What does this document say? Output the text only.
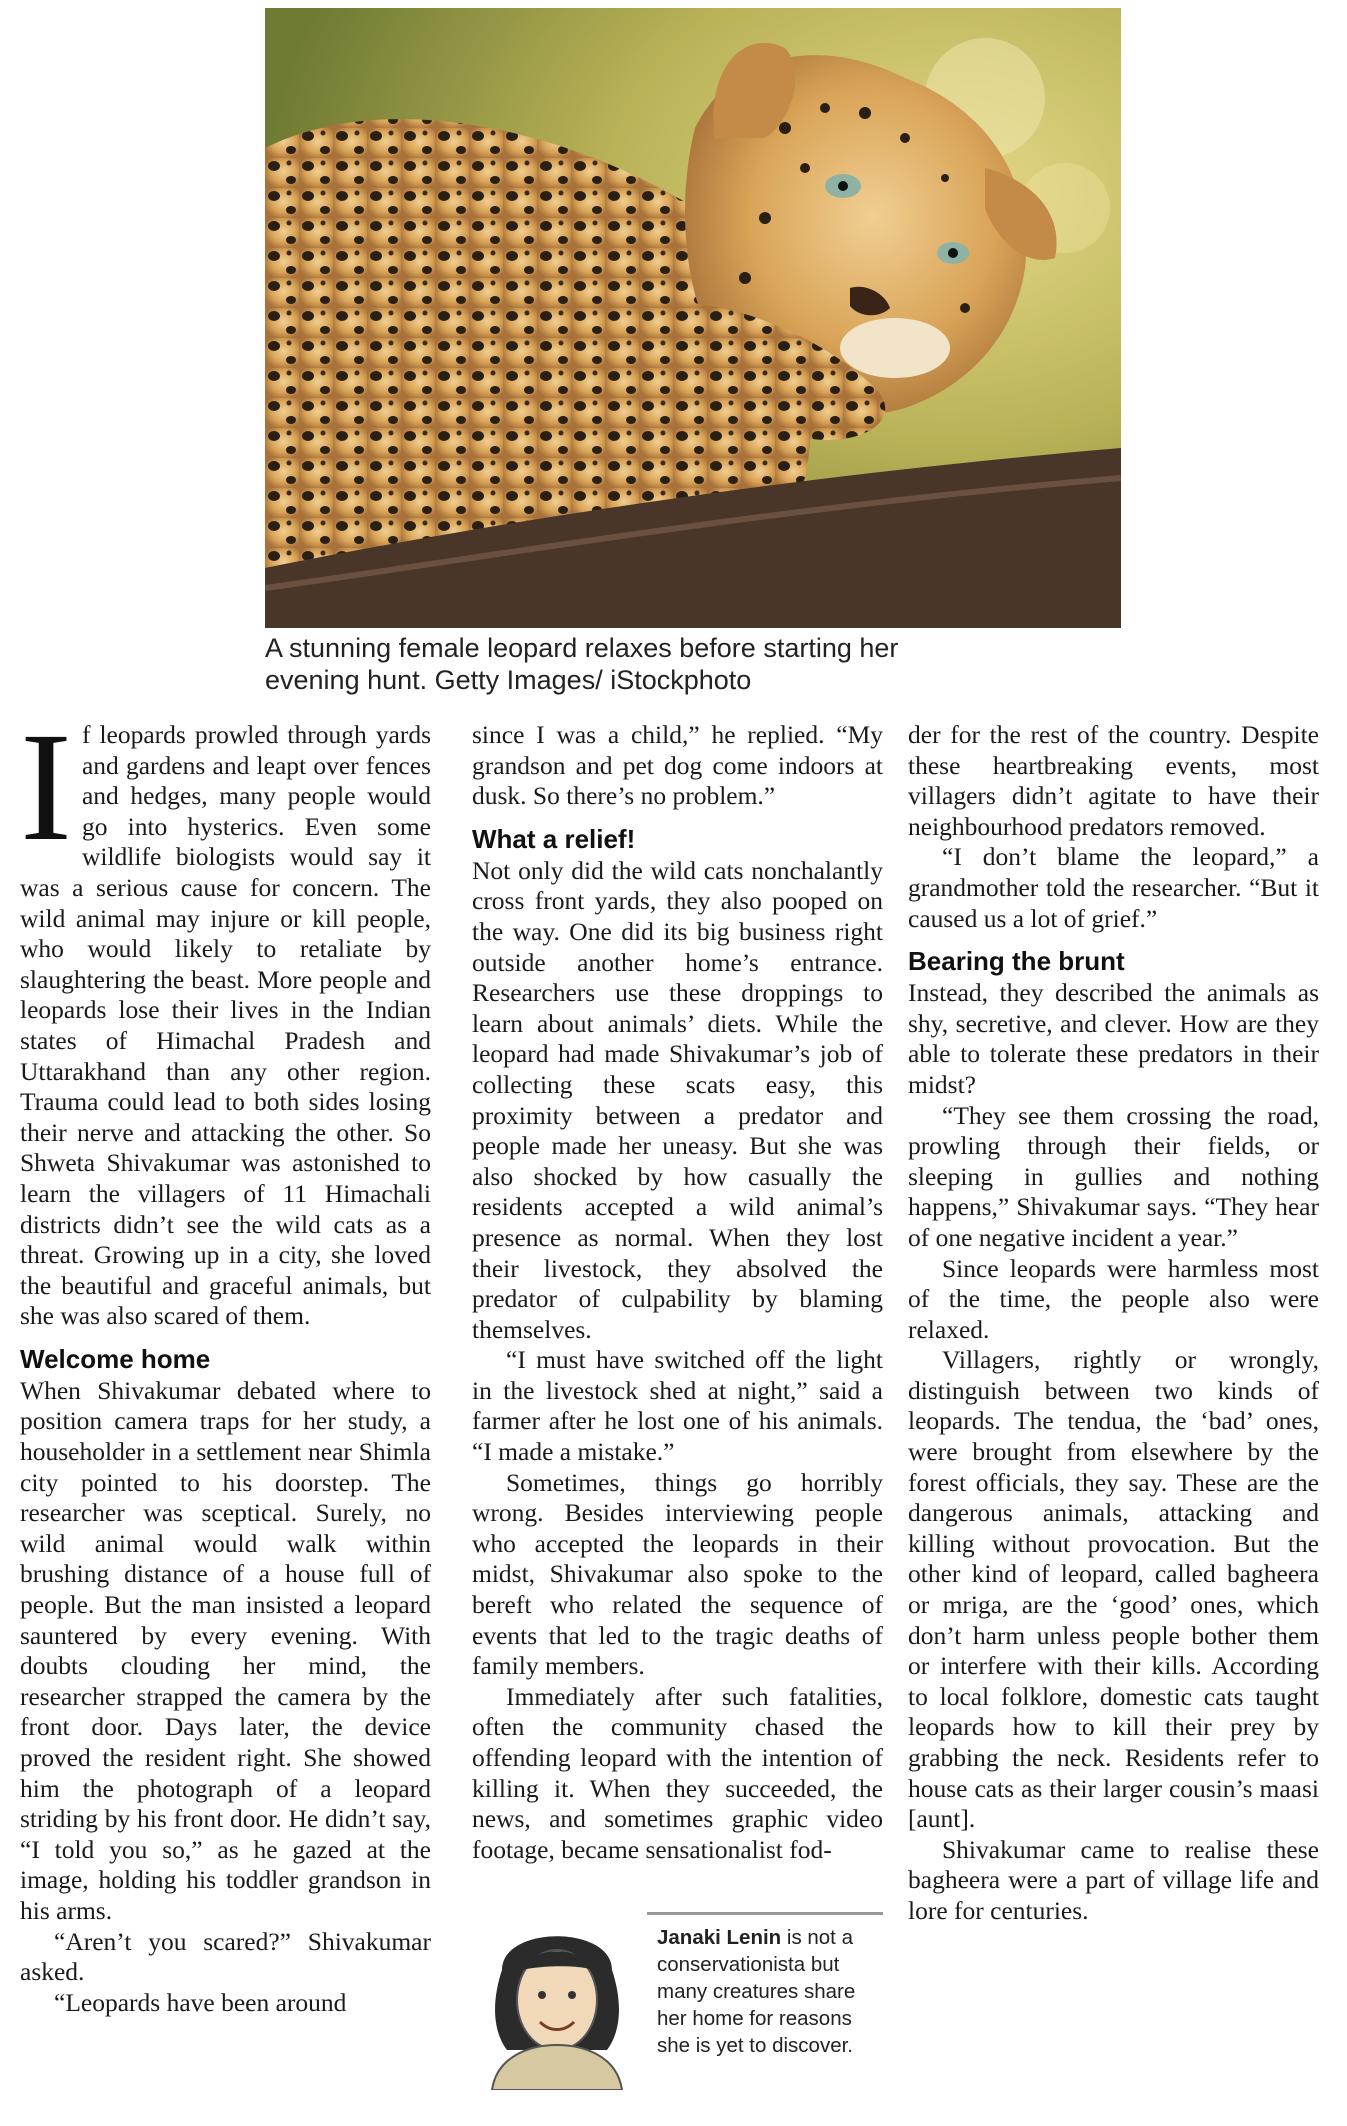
A stunning female leopard relaxes before starting her evening hunt. Getty Images/ iStockphoto

If leopards prowled through yards and gardens and leapt over fences and hedges, many people would go into hysterics. Even some wildlife biologists would say it was a serious cause for concern. The wild animal may injure or kill people, who would likely to retaliate by slaughtering the beast. More people and leopards lose their lives in the Indian states of Himachal Pradesh and Uttarakhand than any other region. Trauma could lead to both sides losing their nerve and attacking the other. So Shweta Shivakumar was astonished to learn the villagers of 11 Himachali districts didn’t see the wild cats as a threat. Growing up in a city, she loved the beautiful and graceful animals, but she was also scared of them.

Welcome home

When Shivakumar debated where to position camera traps for her study, a householder in a settlement near Shimla city pointed to his doorstep. The researcher was sceptical. Surely, no wild animal would walk within brushing distance of a house full of people. But the man insisted a leopard sauntered by every evening. With doubts clouding her mind, the researcher strapped the camera by the front door. Days later, the device proved the resident right. She showed him the photograph of a leopard striding by his front door. He didn’t say, “I told you so,” as he gazed at the image, holding his toddler grandson in his arms.

“Aren’t you scared?” Shivakumar asked.

“Leopards have been around

since I was a child,” he replied. “My grandson and pet dog come indoors at dusk. So there’s no problem.”

What a relief!

Not only did the wild cats nonchalantly cross front yards, they also pooped on the way. One did its big business right outside another home’s entrance. Researchers use these droppings to learn about animals’ diets. While the leopard had made Shivakumar’s job of collecting these scats easy, this proximity between a predator and people made her uneasy. But she was also shocked by how casually the residents accepted a wild animal’s presence as normal. When they lost their livestock, they absolved the predator of culpability by blaming themselves.

“I must have switched off the light in the livestock shed at night,” said a farmer after he lost one of his animals. “I made a mistake.”

Sometimes, things go horribly wrong. Besides interviewing people who accepted the leopards in their midst, Shivakumar also spoke to the bereft who related the sequence of events that led to the tragic deaths of family members.

Immediately after such fatalities, often the community chased the offending leopard with the intention of killing it. When they succeeded, the news, and sometimes graphic video footage, became sensationalist fod-

der for the rest of the country. Despite these heartbreaking events, most villagers didn’t agitate to have their neighbourhood predators removed.

“I don’t blame the leopard,” a grandmother told the researcher. “But it caused us a lot of grief.”

Bearing the brunt

Instead, they described the animals as shy, secretive, and clever. How are they able to tolerate these predators in their midst?

“They see them crossing the road, prowling through their fields, or sleeping in gullies and nothing happens,” Shivakumar says. “They hear of one negative incident a year.”

Since leopards were harmless most of the time, the people also were relaxed.

Villagers, rightly or wrongly, distinguish between two kinds of leopards. The tendua, the ‘bad’ ones, were brought from elsewhere by the forest officials, they say. These are the dangerous animals, attacking and killing without provocation. But the other kind of leopard, called bagheera or mriga, are the ‘good’ ones, which don’t harm unless people bother them or interfere with their kills. According to local folklore, domestic cats taught leopards how to kill their prey by grabbing the neck. Residents refer to house cats as their larger cousin’s maasi [aunt].

Shivakumar came to realise these bagheera were a part of village life and lore for centuries.

Janaki Lenin is not a conservationista but many creatures share her home for reasons she is yet to discover.
